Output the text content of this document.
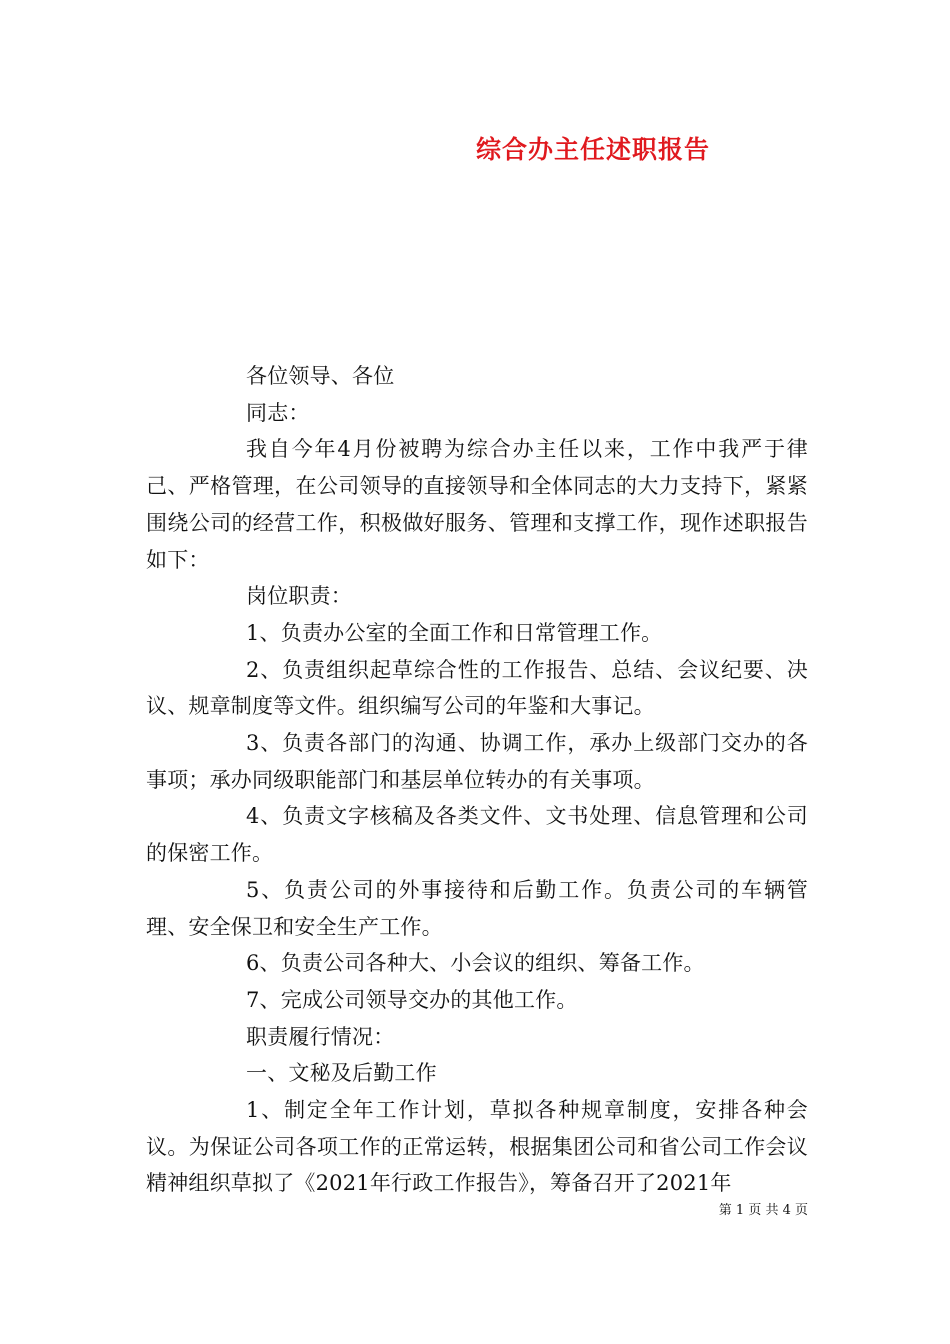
综合办主任述职报告

各位领导、各位

同志：

我自今年4月份被聘为综合办主任以来，工作中我严于律己、严格管理，在公司领导的直接领导和全体同志的大力支持下，紧紧围绕公司的经营工作，积极做好服务、管理和支撑工作，现作述职报告如下：

岗位职责：

1、负责办公室的全面工作和日常管理工作。

2、负责组织起草综合性的工作报告、总结、会议纪要、决议、规章制度等文件。组织编写公司的年鉴和大事记。

3、负责各部门的沟通、协调工作，承办上级部门交办的各事项；承办同级职能部门和基层单位转办的有关事项。

4、负责文字核稿及各类文件、文书处理、信息管理和公司的保密工作。

5、负责公司的外事接待和后勤工作。负责公司的车辆管理、安全保卫和安全生产工作。

6、负责公司各种大、小会议的组织、筹备工作。

7、完成公司领导交办的其他工作。

职责履行情况：

一、文秘及后勤工作

1、制定全年工作计划，草拟各种规章制度，安排各种会议。为保证公司各项工作的正常运转，根据集团公司和省公司工作会议精神组织草拟了《2021年行政工作报告》，筹备召开了2021年

第 1 页 共 4 页
